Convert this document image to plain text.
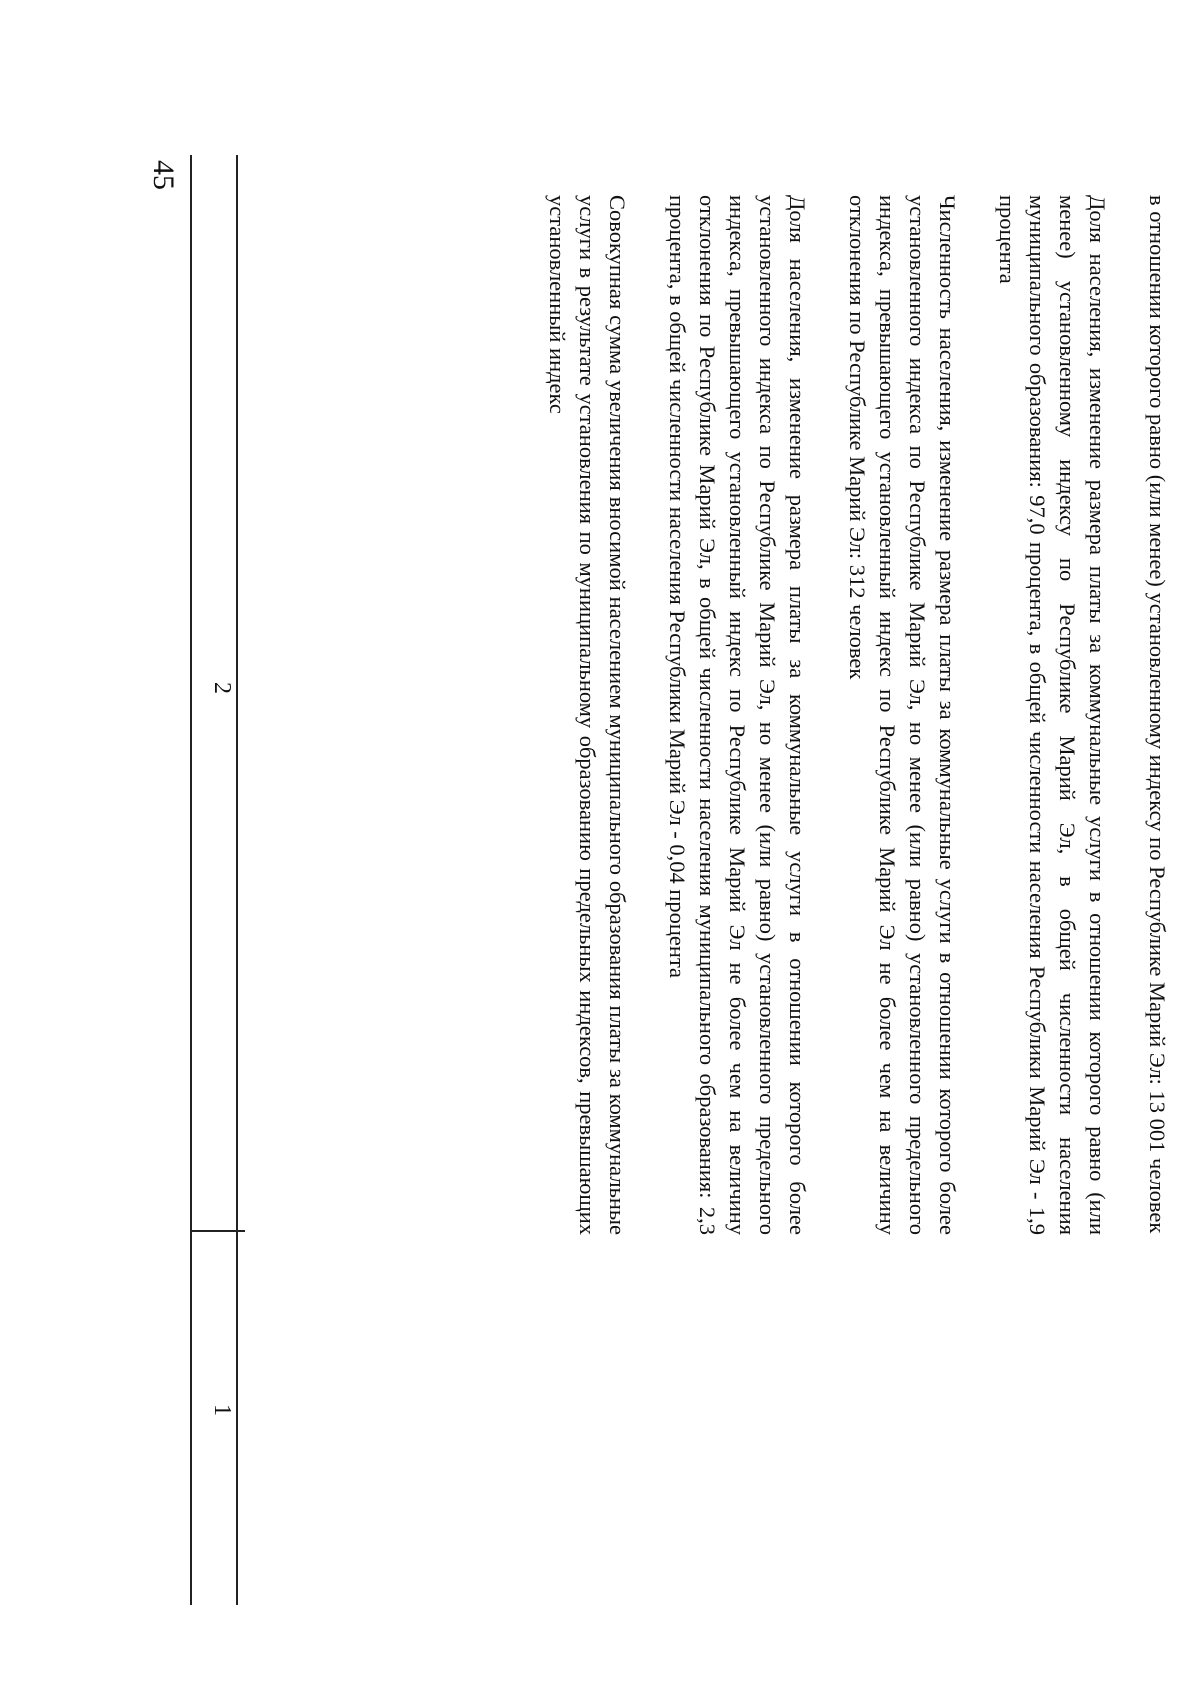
45
1
2	в отношении которого равно (или менее) установленному индексу по Республике Марий Эл: 13 001 человек

Доля населения, изменение размера платы за коммунальные услуги в отношении которого равно (или менее) установленному индексу по Республике Марий Эл, в общей численности населения муниципального образования: 97,0 процента, в общей численности населения Республики Марий Эл - 1,9 процента

Численность населения, изменение размера платы за коммунальные услуги в отношении которого более установленного индекса по Республике Марий Эл, но менее (или равно) установленного предельного индекса, превышающего установленный индекс по Республике Марий Эл не более чем на величину отклонения по Республике Марий Эл: 312 человек

Доля населения, изменение размера платы за коммунальные услуги в отношении которого более установленного индекса по Республике Марий Эл, но менее (или равно) установленного предельного индекса, превышающего установленный индекс по Республике Марий Эл не более чем на величину отклонения по Республике Марий Эл, в общей численности населения муниципального образования: 2,3 процента, в общей численности населения Республики Марий Эл - 0,04 процента

Совокупная сумма увеличения вносимой населением муниципального образования платы за коммунальные услуги в результате установления по муниципальному образованию предельных индексов, превышающих установленный индекс
